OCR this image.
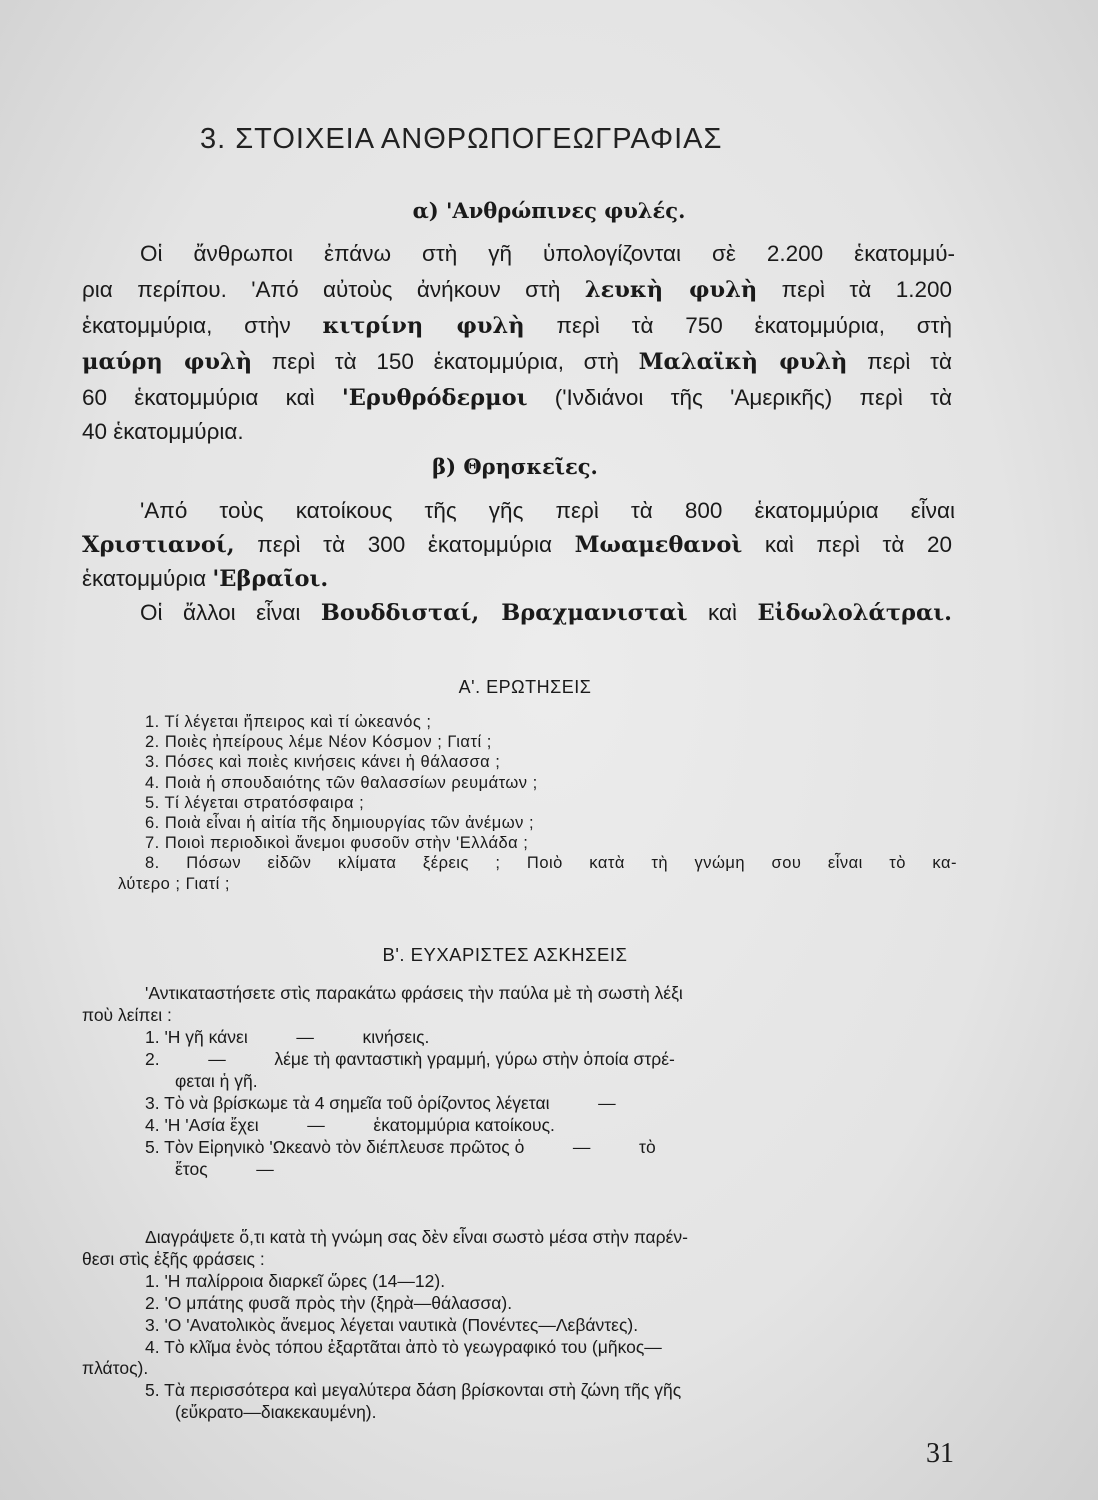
3. ΣΤΟΙΧΕΙΑ ΑΝΘΡΩΠΟΓΕΩΓΡΑΦΙΑΣ
α) 'Ανθρώπινες φυλές.
Οἱ ἄνθρωποι ἐπάνω στὴ γῆ ὑπολογίζονται σὲ 2.200 ἑκατομμύ-
ρια περίπου. 'Από αὐτοὺς ἀνήκουν στὴ λευκὴ φυλὴ περὶ τὰ 1.200
ἑκατομμύρια, στὴν κιτρίνη φυλὴ περὶ τὰ 750 ἑκατομμύρια, στὴ
μαύρη φυλὴ περὶ τὰ 150 ἑκατομμύρια, στὴ Μαλαϊκὴ φυλὴ περὶ τὰ
60 ἑκατομμύρια καὶ 'Ερυθρόδερμοι ('Ινδιάνοι τῆς 'Αμερικῆς) περὶ τὰ
40 ἑκατομμύρια.
β) Θρησκεῖες.
'Από τοὺς κατοίκους τῆς γῆς περὶ τὰ 800 ἑκατομμύρια εἶναι
Χριστιανοί, περὶ τὰ 300 ἑκατομμύρια Μωαμεθανοὶ καὶ περὶ τὰ 20
ἑκατομμύρια 'Εβραῖοι.
Οἱ ἄλλοι εἶναι Βουδδισταί, Βραχμανισταὶ καὶ Εἰδωλολάτραι.
Α'. ΕΡΩΤΗΣΕΙΣ
1. Τί λέγεται ἤπειρος καὶ τί ὠκεανός ;
2. Ποιὲς ἠπείρους λέμε Νέον Κόσμον ; Γιατί ;
3. Πόσες καὶ ποιὲς κινήσεις κάνει ἡ θάλασσα ;
4. Ποιὰ ἡ σπουδαιότης τῶν θαλασσίων ρευμάτων ;
5. Τί λέγεται στρατόσφαιρα ;
6. Ποιὰ εἶναι ἡ αἰτία τῆς δημιουργίας τῶν ἀνέμων ;
7. Ποιοὶ περιοδικοὶ ἄνεμοι φυσοῦν στὴν 'Ελλάδα ;
8. Πόσων εἰδῶν κλίματα ξέρεις ; Ποιὸ κατὰ τὴ γνώμη σου εἶναι τὸ κα-
λύτερο ; Γιατί ;
Β'. ΕΥΧΑΡΙΣΤΕΣ ΑΣΚΗΣΕΙΣ
'Αντικαταστήσετε στὶς παρακάτω φράσεις τὴν παύλα μὲ τὴ σωστὴ λέξι
ποὺ λείπει :
1. 'Η γῆ κάνει          —          κινήσεις.
2.          —          λέμε τὴ φανταστικὴ γραμμή, γύρω στὴν ὁποία στρέ-
φεται ἡ γῆ.
3. Τὸ νὰ βρίσκωμε τὰ 4 σημεῖα τοῦ ὁρίζοντος λέγεται          —
4. 'Η 'Ασία ἔχει          —          ἑκατομμύρια κατοίκους.
5. Τὸν Εἰρηνικὸ 'Ωκεανὸ τὸν διέπλευσε πρῶτος ὁ          —          τὸ
ἔτος          —
Διαγράψετε ὅ,τι κατὰ τὴ γνώμη σας δὲν εἶναι σωστὸ μέσα στὴν παρέν-
θεσι στὶς ἑξῆς φράσεις :
1. 'Η παλίρροια διαρκεῖ ὥρες (14—12).
2. 'Ο μπάτης φυσᾶ πρὸς τὴν (ξηρὰ—θάλασσα).
3. 'Ο 'Ανατολικὸς ἄνεμος λέγεται ναυτικὰ (Πονέντες—Λεβάντες).
4. Τὸ κλῖμα ἑνὸς τόπου ἐξαρτᾶται ἀπὸ τὸ γεωγραφικό του (μῆκος—
πλάτος).
5. Τὰ περισσότερα καὶ μεγαλύτερα δάση βρίσκονται στὴ ζώνη τῆς γῆς
(εὔκρατο—διακεκαυμένη).
31
